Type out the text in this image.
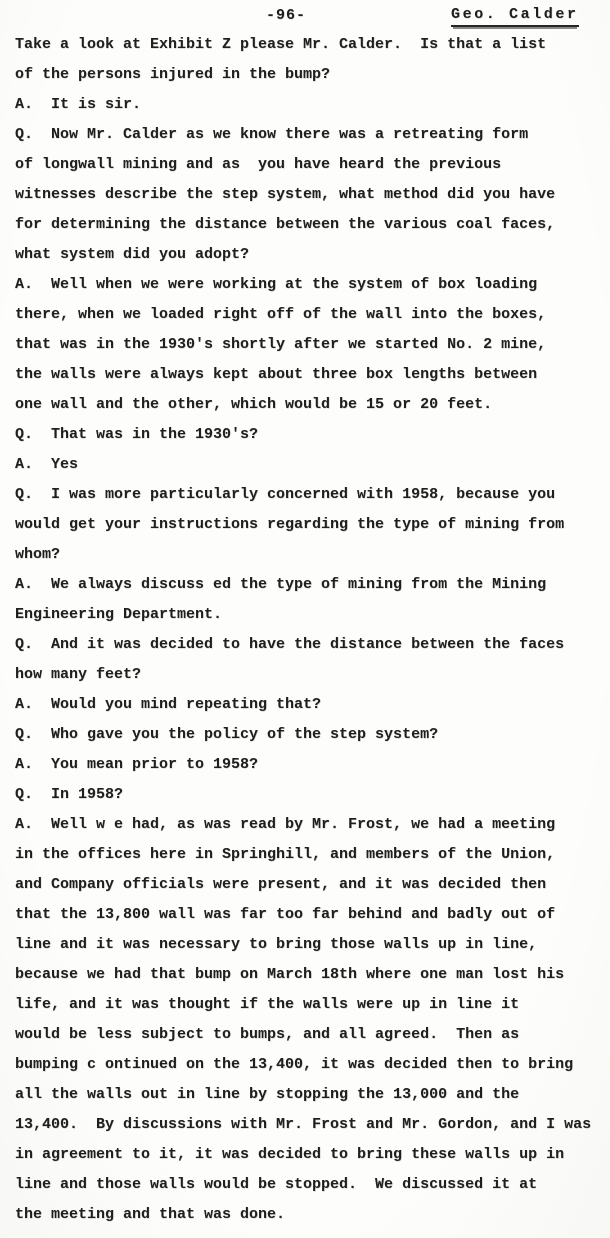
-96-	Geo. Calder
Take a look at Exhibit Z please Mr. Calder.  Is that a list
of the persons injured in the bump?
A.  It is sir.
Q.  Now Mr. Calder as we know there was a retreating form
of longwall mining and as  you have heard the previous
witnesses describe the step system, what method did you have
for determining the distance between the various coal faces,
what system did you adopt?
A.  Well when we were working at the system of box loading
there, when we loaded right off of the wall into the boxes,
that was in the 1930's shortly after we started No. 2 mine,
the walls were always kept about three box lengths between
one wall and the other, which would be 15 or 20 feet.
Q.  That was in the 1930's?
A.  Yes
Q.  I was more particularly concerned with 1958, because you
would get your instructions regarding the type of mining from
whom?
A.  We always discuss ed the type of mining from the Mining
Engineering Department.
Q.  And it was decided to have the distance between the faces
how many feet?
A.  Would you mind repeating that?
Q.  Who gave you the policy of the step system?
A.  You mean prior to 1958?
Q.  In 1958?
A.  Well w e had, as was read by Mr. Frost, we had a meeting
in the offices here in Springhill, and members of the Union,
and Company officials were present, and it was decided then
that the 13,800 wall was far too far behind and badly out of
line and it was necessary to bring those walls up in line,
because we had that bump on March 18th where one man lost his
life, and it was thought if the walls were up in line it
would be less subject to bumps, and all agreed.  Then as
bumping c ontinued on the 13,400, it was decided then to bring
all the walls out in line by stopping the 13,000 and the
13,400.  By discussions with Mr. Frost and Mr. Gordon, and I was
in agreement to it, it was decided to bring these walls up in
line and those walls would be stopped.  We discussed it at
the meeting and that was done.
